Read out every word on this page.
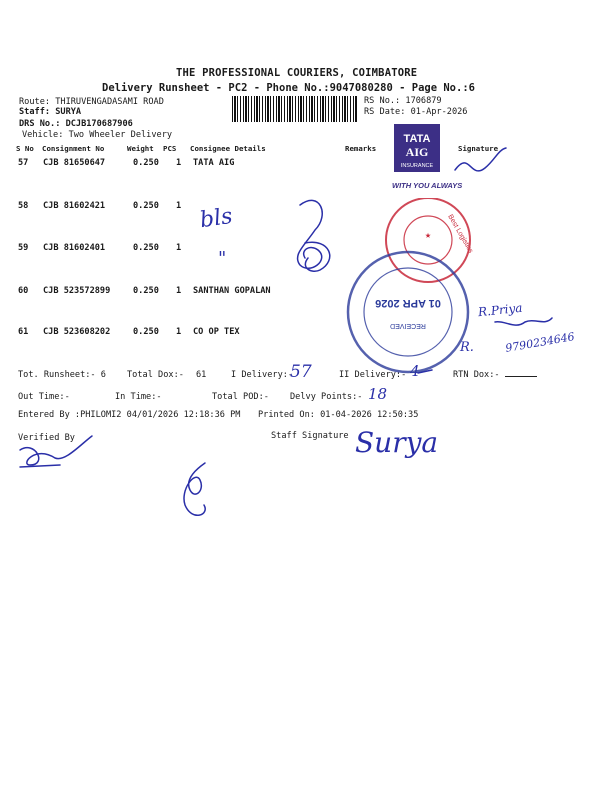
THE PROFESSIONAL COURIERS, COIMBATORE
Delivery Runsheet - PC2 - Phone No.:9047080280 - Page No.:6
Route: THIRUVENGADASAMI ROAD
Staff: SURYA
DRS No.: DCJB170687906
Vehicle: Two Wheeler Delivery
RS No.: 1706879
RS Date: 01-Apr-2026
S No Consignment No	Weight PCS Consignee Details	Remarks	Signature
57 CJB 81650647	0.250 1 TATA AIG
58 CJB 81602421	0.250 1
59 CJB 81602401	0.250 1
60 CJB 523572899	0.250 1 SANTHAN GOPALAN
61 CJB 523608202	0.250 1 CO OP TEX
Tot. Runsheet:- 6 Total Dox:- 61	I Delivery:-	II Delivery:-	RTN Dox:-
Out Time:-	In Time:-	Total POD:- Delvy Points:-
Entered By :PHILOMI2 04/01/2026 12:18:36 PM Printed On: 01-04-2026 12:50:35
Verified By	Staff Signature
57	4
18
bls
"
R.Priya
R.	9790234646
Surya
TATA
AIG
INSURANCE
WITH YOU ALWAYS
Best Logistics
★
01 APR 2026
RECEIVED
